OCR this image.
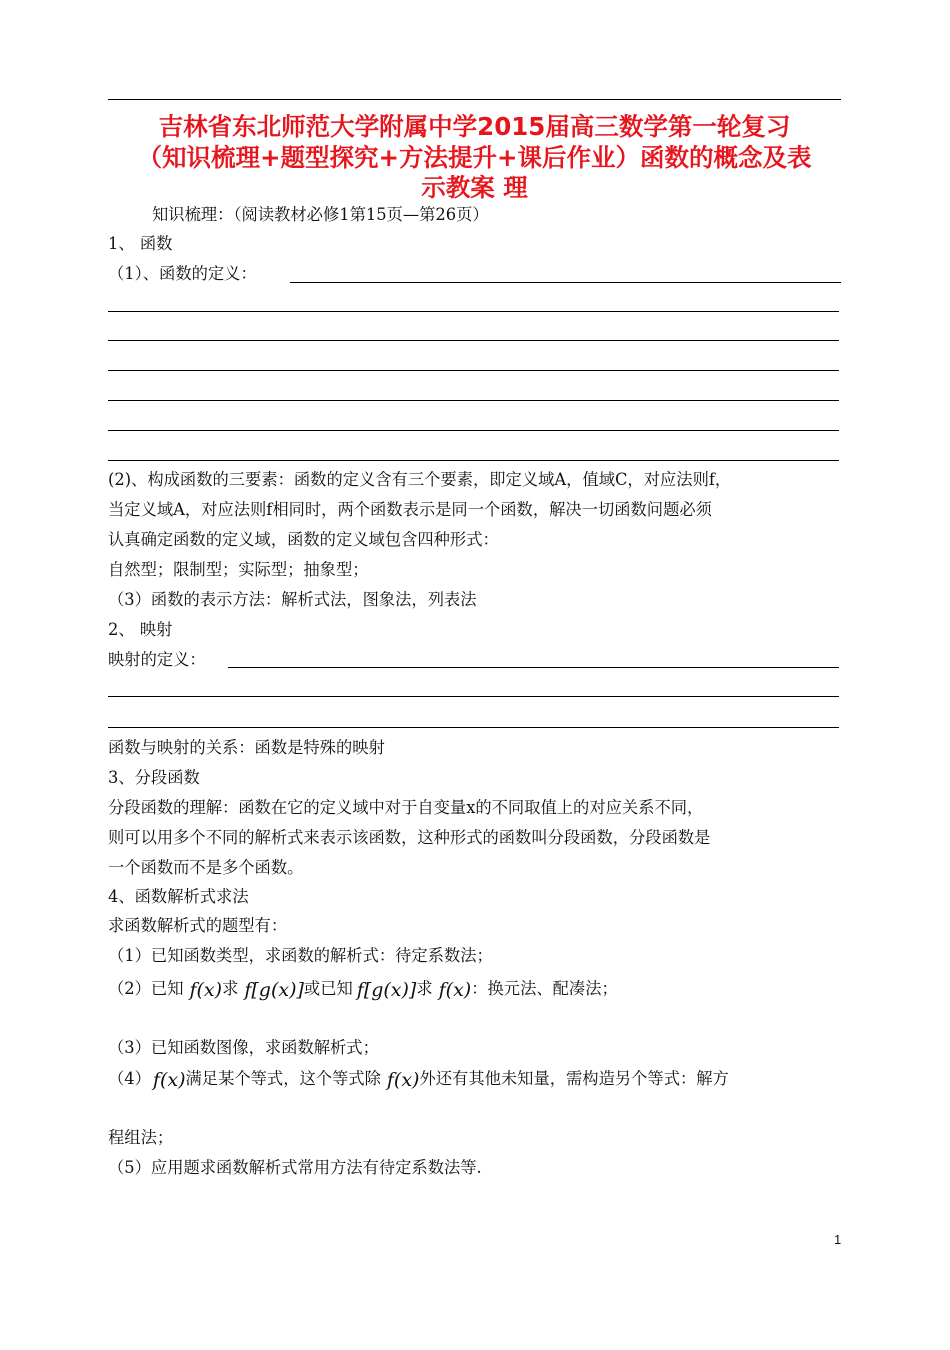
吉林省东北师范大学附属中学2015届高三数学第一轮复习
（知识梳理+题型探究+方法提升+课后作业）函数的概念及表
示教案 理
知识梳理：（阅读教材必修1第15页—第26页）
1、 函数
（1）、函数的定义：
(2)、构成函数的三要素：函数的定义含有三个要素，即定义域A，值域C，对应法则f，
当定义域A，对应法则f相同时，两个函数表示是同一个函数，解决一切函数问题必须
认真确定函数的定义域，函数的定义域包含四种形式：
自然型；限制型；实际型；抽象型；
（3）函数的表示方法：解析式法，图象法，列表法
2、 映射
映射的定义：
函数与映射的关系：函数是特殊的映射
3、分段函数
分段函数的理解：函数在它的定义域中对于自变量x的不同取值上的对应关系不同，
则可以用多个不同的解析式来表示该函数，这种形式的函数叫分段函数，分段函数是
一个函数而不是多个函数。
4、函数解析式求法
求函数解析式的题型有：
（1）已知函数类型，求函数的解析式：待定系数法；
（2）已知 f(x)求 f[g(x)]或已知 f[g(x)]求 f(x)：换元法、配凑法；
（3）已知函数图像，求函数解析式；
（4） f(x)满足某个等式，这个等式除 f(x)外还有其他未知量，需构造另个等式：解方
程组法；
（5）应用题求函数解析式常用方法有待定系数法等.
1
